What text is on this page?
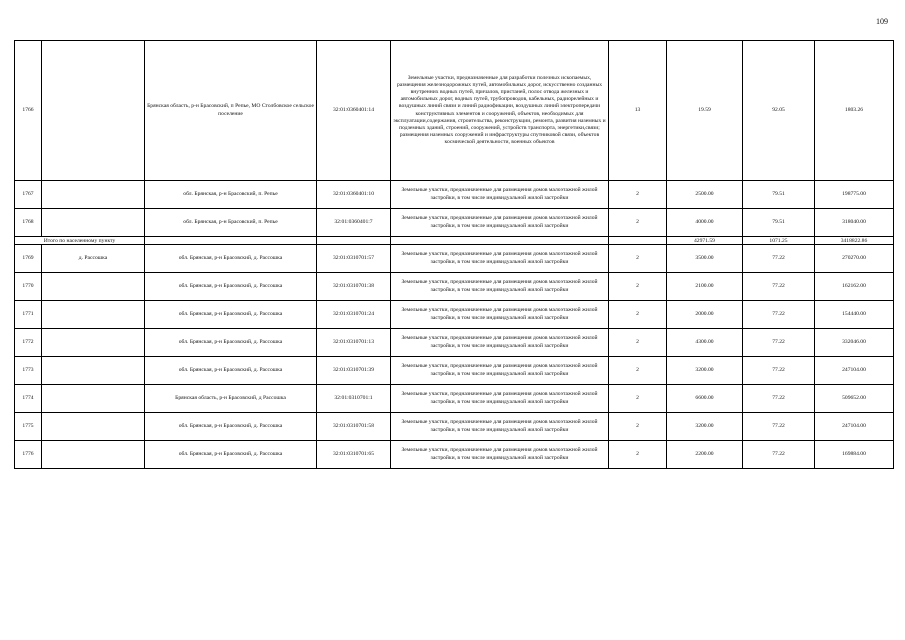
109
1766		Брянская область, р-н Брасовский, п Репье, МО Столбовское сельское поселение	32:01:0360401:14	Земельные участки, предназначенные для разработки полезных ископаемых, размещения железнодорожных путей, автомобильных дорог, искусственно созданных внутренних водных путей, причалов, пристаней, полос отвода железных и автомобильных дорог, водных путей, трубопроводов, кабельных, радиорелейных и воздушных линий связи и линий радиофикации, воздушных линий электропередачи конструктивных элементов и сооружений, объектов, необходимых для эксплуатации,содержания, строительства, реконструкции, ремонта, развития наземных и подземных зданий, строений, сооружений, устройств транспорта, энергетики,связи; размещения наземных сооружений и инфраструктуры спутниковой связи, объектов космической деятельности, военных объектов	13	19.59	92.05	1803.26
1767		обл. Брянская, р-н Брасовский, п. Репье	32:01:0360401:10	Земельные участки, предназначенные для размещения домов малоэтажной жилой застройки, в том числе индивидуальной жилой застройки	2	2500.00	79.51	198775.00
1768		обл. Брянская, р-н Брасовский, п. Репье	32:01:0360401:7	Земельные участки, предназначенные для размещения домов малоэтажной жилой застройки, в том числе индивидуальной жилой застройки	2	4000.00	79.51	318040.00
Итого по населенному пункту						42971.59	1071.25	3418822.86
1769	д. Рассошка	обл. Брянская, р-н Брасовский, д. Рассошка	32:01:0310701:57	Земельные участки, предназначенные для размещения домов малоэтажной жилой застройки, в том числе индивидуальной жилой застройки	2	3500.00	77.22	270270.00
1770		обл. Брянская, р-н Брасовский, д. Рассошка	32:01:0310701:38	Земельные участки, предназначенные для размещения домов малоэтажной жилой застройки, в том числе индивидуальной жилой застройки	2	2100.00	77.22	162162.00
1771		обл. Брянская, р-н Брасовский, д. Рассошка	32:01:0310701:24	Земельные участки, предназначенные для размещения домов малоэтажной жилой застройки, в том числе индивидуальной жилой застройки	2	2000.00	77.22	154440.00
1772		обл. Брянская, р-н Брасовский, д. Рассошка	32:01:0310701:13	Земельные участки, предназначенные для размещения домов малоэтажной жилой застройки, в том числе индивидуальной жилой застройки	2	4300.00	77.22	332046.00
1773		обл. Брянская, р-н Брасовский, д. Рассошка	32:01:0310701:39	Земельные участки, предназначенные для размещения домов малоэтажной жилой застройки, в том числе индивидуальной жилой застройки	2	3200.00	77.22	247104.00
1774		Брянская область, р-н Брасовский, д Рассошка	32:01:0310701:1	Земельные участки, предназначенные для размещения домов малоэтажной жилой застройки, в том числе индивидуальной жилой застройки	2	6600.00	77.22	509652.00
1775		обл. Брянская, р-н Брасовский, д. Рассошка	32:01:0310701:58	Земельные участки, предназначенные для размещения домов малоэтажной жилой застройки, в том числе индивидуальной жилой застройки	2	3200.00	77.22	247104.00
1776		обл. Брянская, р-н Брасовский, д. Рассошка	32:01:0310701:65	Земельные участки, предназначенные для размещения домов малоэтажной жилой застройки, в том числе индивидуальной жилой застройки	2	2200.00	77.22	169884.00
